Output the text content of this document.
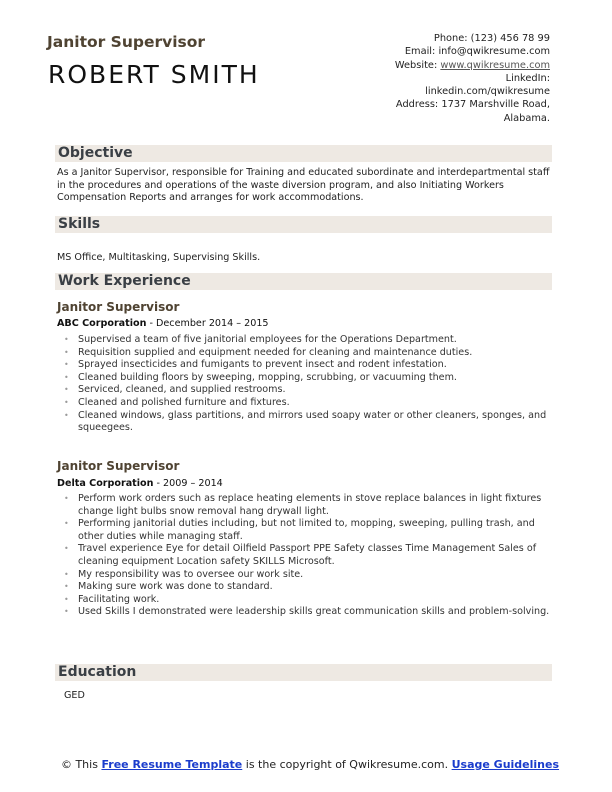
Janitor Supervisor
ROBERT SMITH
Phone: (123) 456 78 99
Email: info@qwikresume.com
Website: www.qwikresume.com
LinkedIn:
linkedin.com/qwikresume
Address: 1737 Marshville Road,
Alabama.
Objective
As a Janitor Supervisor, responsible for Training and educated subordinate and interdepartmental staff in the procedures and operations of the waste diversion program, and also Initiating Workers Compensation Reports and arranges for work accommodations.
Skills
MS Office, Multitasking, Supervising Skills.
Work Experience
Janitor Supervisor
ABC Corporation - December 2014 – 2015
• Supervised a team of five janitorial employees for the Operations Department.
• Requisition supplied and equipment needed for cleaning and maintenance duties.
• Sprayed insecticides and fumigants to prevent insect and rodent infestation.
• Cleaned building floors by sweeping, mopping, scrubbing, or vacuuming them.
• Serviced, cleaned, and supplied restrooms.
• Cleaned and polished furniture and fixtures.
• Cleaned windows, glass partitions, and mirrors used soapy water or other cleaners, sponges, and squeegees.
Janitor Supervisor
Delta Corporation - 2009 – 2014
• Perform work orders such as replace heating elements in stove replace balances in light fixtures change light bulbs snow removal hang drywall light.
• Performing janitorial duties including, but not limited to, mopping, sweeping, pulling trash, and other duties while managing staff.
• Travel experience Eye for detail Oilfield Passport PPE Safety classes Time Management Sales of cleaning equipment Location safety SKILLS Microsoft.
• My responsibility was to oversee our work site.
• Making sure work was done to standard.
• Facilitating work.
• Used Skills I demonstrated were leadership skills great communication skills and problem-solving.
Education
GED
© This Free Resume Template is the copyright of Qwikresume.com. Usage Guidelines
